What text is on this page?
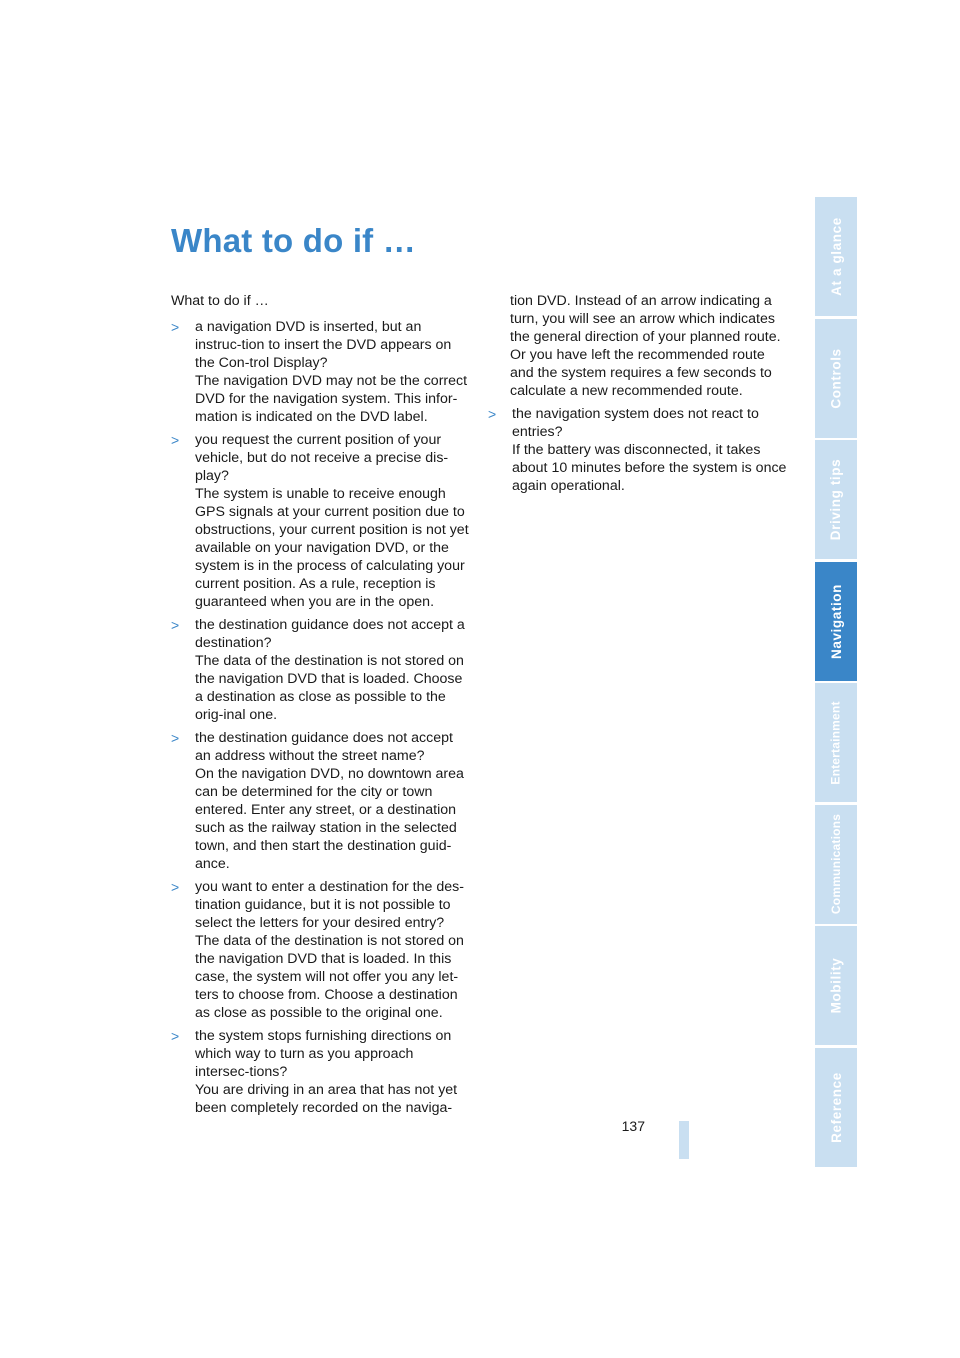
What to do if …

What to do if …

> a navigation DVD is inserted, but an instruc-tion to insert the DVD appears on the Con-trol Display?
The navigation DVD may not be the correct DVD for the navigation system. This infor-mation is indicated on the DVD label.
> you request the current position of your vehicle, but do not receive a precise dis-play?
The system is unable to receive enough GPS signals at your current position due to obstructions, your current position is not yet available on your navigation DVD, or the system is in the process of calculating your current position. As a rule, reception is guaranteed when you are in the open.
> the destination guidance does not accept a destination?
The data of the destination is not stored on the navigation DVD that is loaded. Choose a destination as close as possible to the orig-inal one.
> the destination guidance does not accept an address without the street name?
On the navigation DVD, no downtown area can be determined for the city or town entered. Enter any street, or a destination such as the railway station in the selected town, and then start the destination guid-ance.
> you want to enter a destination for the des-tination guidance, but it is not possible to select the letters for your desired entry?
The data of the destination is not stored on the navigation DVD that is loaded. In this case, the system will not offer you any let-ters to choose from. Choose a destination as close as possible to the original one.
> the system stops furnishing directions on which way to turn as you approach intersec-tions?
You are driving in an area that has not yet been completely recorded on the naviga-

tion DVD. Instead of an arrow indicating a turn, you will see an arrow which indicates the general direction of your planned route. Or you have left the recommended route and the system requires a few seconds to calculate a new recommended route.

> the navigation system does not react to entries?
If the battery was disconnected, it takes about 10 minutes before the system is once again operational.
137
At a glance
Controls
Driving tips
Navigation
Entertainment
Communications
Mobility
Reference
